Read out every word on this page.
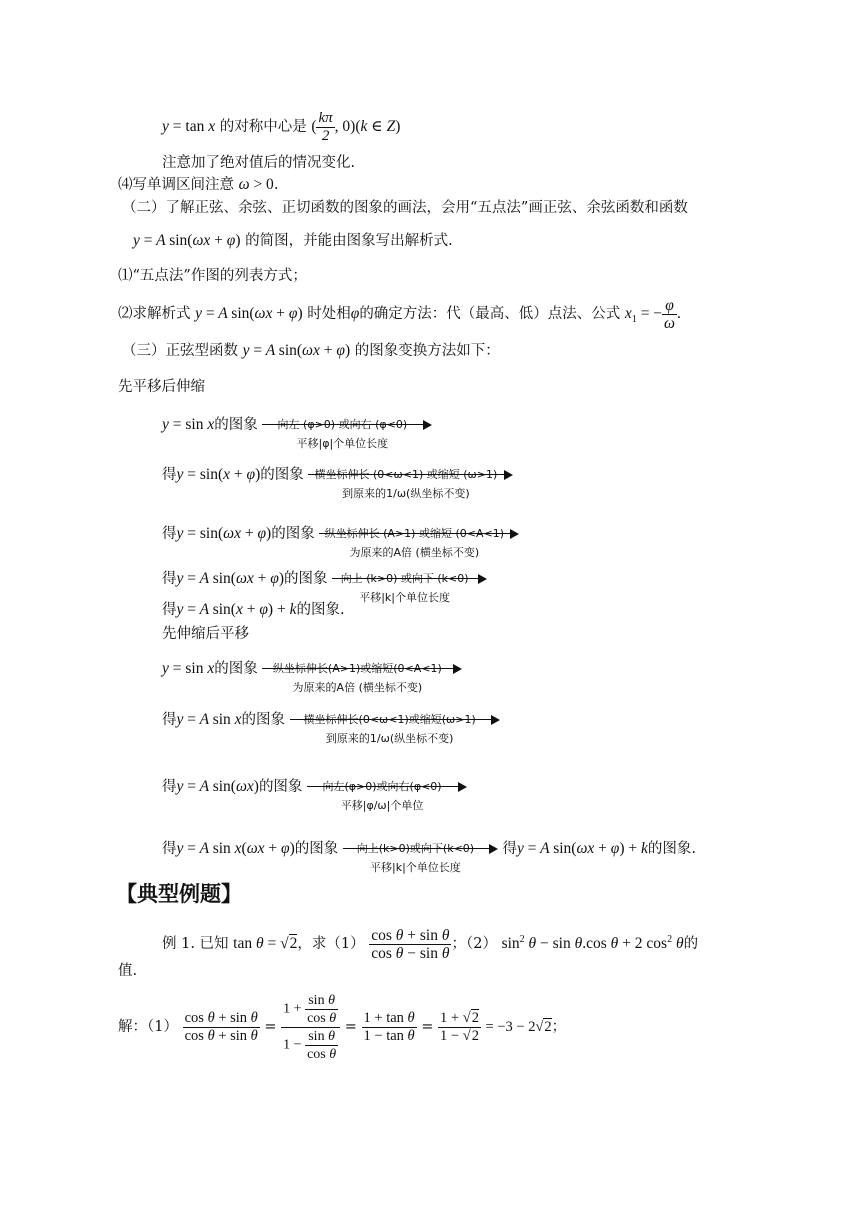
y = tan x 的对称中心是 ( $\frac{k\pi}{2}$ , 0)(k ∈ Z)
注意加了绝对值后的情况变化.
⑷写单调区间注意 ω > 0.
（二）了解正弦、余弦、正切函数的图象的画法，会用“五点法”画正弦、余弦函数和函数
y = A sin(ωx + φ) 的简图，并能由图象写出解析式.
⑴“五点法”作图的列表方式；
⑵求解析式 y = A sin(ωx + φ) 时处相φ的确定方法：代（最高、低）点法、公式 $x_1$ = − $\frac{\varphi}{\omega}$ .
（三）正弦型函数 y = A sin(ωx + φ) 的图象变换方法如下：
先平移后伸缩
y = sin x的图象	向左 (φ>0) 或向右 (φ<0)
平移|φ|个单位长度
得y = sin(x + φ)的图象 横坐标伸长 (0<ω<1) 或缩短 (ω>1)
到原来的1/ω(纵坐标不变)
得y = sin(ωx + φ)的图象 纵坐标伸长 (A>1) 或缩短 (0<A<1)
为原来的A倍 (横坐标不变)
得y = A sin(ωx + φ)的图象	向上 (k>0) 或向下 (k<0)
平移|k|个单位长度
得y = A sin(x + φ) + k的图象.
先伸缩后平移
y = sin x的图象	纵坐标伸长(A>1)或缩短(0<A<1)
为原来的A倍 (横坐标不变)
得y = A sin x的图象	横坐标伸长(0<ω<1)或缩短(ω>1)
到原来的1/ω(纵坐标不变)
得y = A sin(ωx)的图象	向左(φ>0)或向右(φ<0)
平移|φ/ω|个单位
得y = A sin x(ωx + φ)的图象	向上(k>0)或向下(k<0)
平移|k|个单位长度
得y = A sin(ωx + φ) + k的图象.
【典型例题】
例 1. 已知 tan θ = √2，求$(1) \frac{\text{cos θ + sin θ}}{\text{cos θ − sin θ}}$ ；（2） $\sin^2 \theta - \sin \theta.\cos$ θ + 2 $\cos^2 \theta$的
值.
解：$(1) \frac{\text{cos θ + sin θ}}{\text{cos θ + sin θ}} = \frac{1 + \frac{\text{sin θ}}{\text{cos θ}}}{1 - \frac{\text{sin θ}}{\text{cos θ}}} = \frac{\text{1 + tan θ}}{\text{1 − tan θ}} = \frac{1 + √2}{1 - √2} = -3 - 2√2$；
